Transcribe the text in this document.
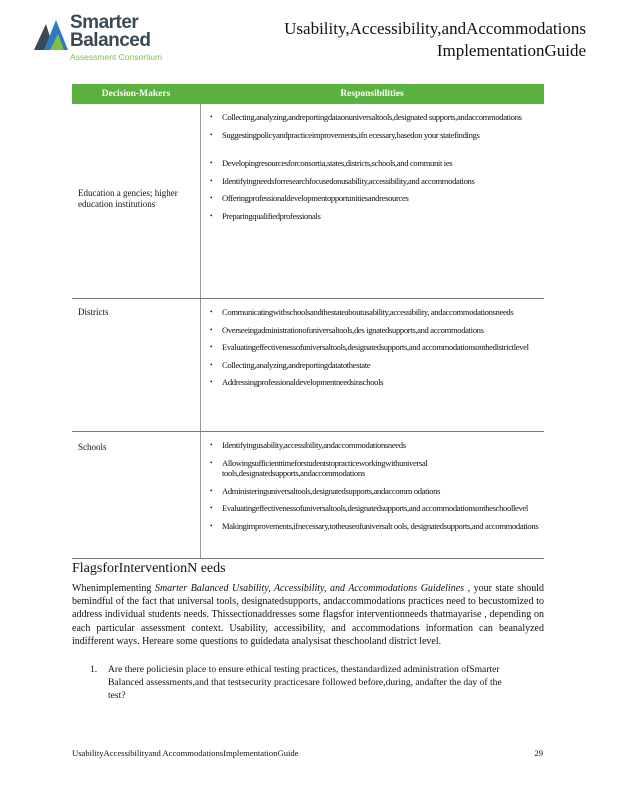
Smarter
Balanced
Assessment Consortium
Usability,Accessibility,andAccommodations
ImplementationGuide
Decision-Makers	Responsibilities
Education a gencies; higher education institutions
• Collecting,analyzing,andreportingdataonuniversaltools,designated supports,andaccommodations
• Suggestingpolicyandpracticeimprovements,ifn ecessary,basedon your statefindings
• Developingresourcesforconsortia,states,districts,schools,and communit ies
• Identifyingneedsforresearchfocusedonusability,accessibility,and accommodations
• Offeringprofessionaldevelopmentopportunitiesandresources
• Preparingqualifiedprofessionals
Districts	• Communicatingwithschoolsandthestateaboutusability,accessibility, andaccommodationsneeds
• Overseeingadministrationofuniversaltools,des ignatedsupports,and accommodations
• Evaluatingeffectivenessofuniversaltools,designatedsupports,and accommodationsonthedistrictlevel
• Collecting,analyzing,andreportingdatatothestate
• Addressingprofessionaldevelopmentneedsinschools
Schools	• Identifyingusability,accessibility,andaccommodationsneeds
• Allowingsufficienttimeforstudentstopracticeworkingwithuniversal tools,designatedsupports,andaccommodations
• Administeringuniversaltools,designatedsupports,andaccomm odations
• Evaluatingeffectivenessofuniversaltools,designatedsupports,and accommodationsontheschoollevel
• Makingimprovements,ifnecessary,totheuseofuniversalt ools, designatedsupports,and accommodations
FlagsforInterventionN eeds
Whenimplementing Smarter Balanced Usability, Accessibility, and Accommodations Guidelines , your state should bemindful of the fact that universal tools, designatedsupports, andaccommodations practices need to becustomized to address individual students needs. Thissectionaddresses some flagsfor interventionneeds thatmayarise , depending on each particular assessment context. Usability, accessibility, and accommodations information can beanalyzed indifferent ways. Hereare some questions to guidedata analysisat theschooland district level.
1. Are there policiesin place to ensure ethical testing practices, thestandardized administration ofSmarter Balanced assessments,and that testsecurity practicesare followed before,during, andafter the day of the test?
UsabilityAccessibilityand AccommodationsImplementationGuide	29
